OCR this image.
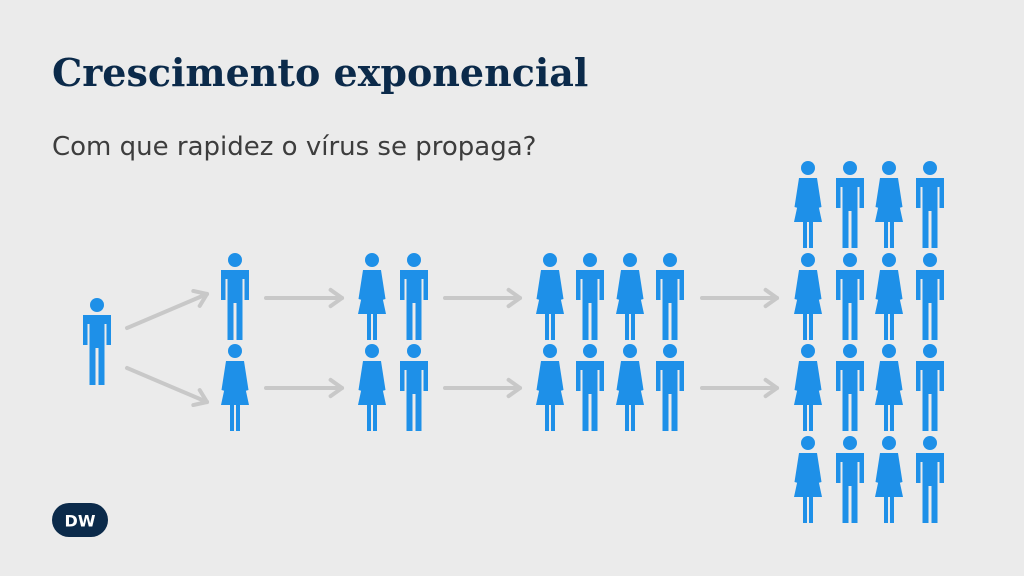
Crescimento exponencial

Com que rapidez o vírus se propaga?

DW
